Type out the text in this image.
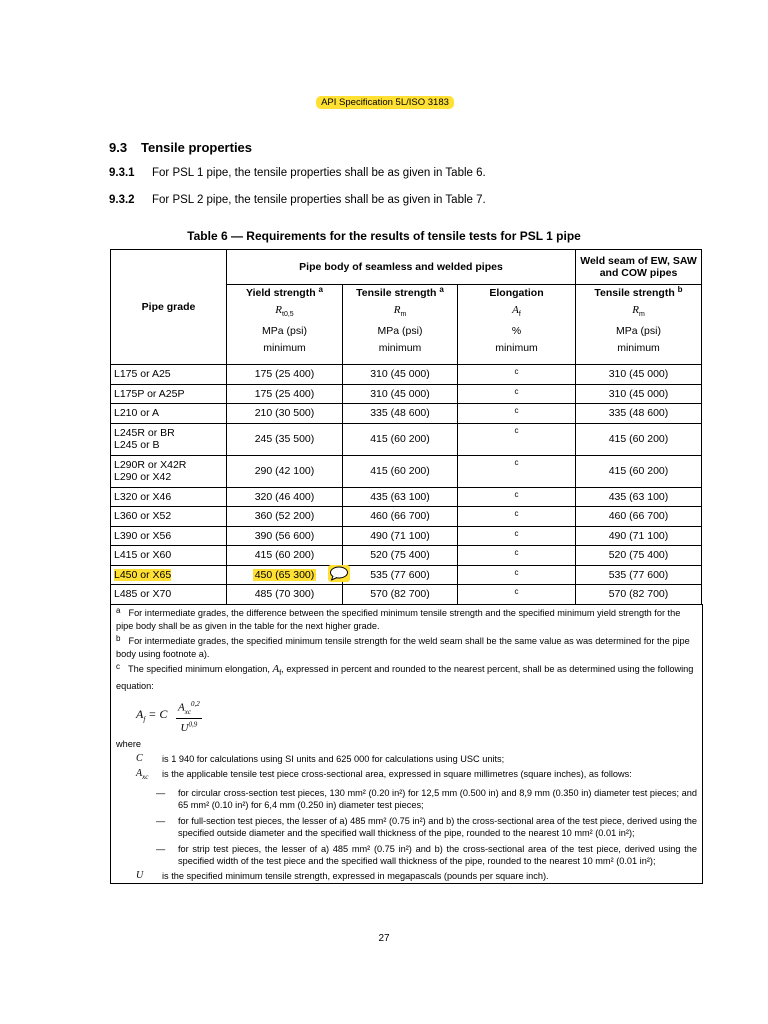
API Specification 5L/ISO 3183
9.3 Tensile properties
9.3.1 For PSL 1 pipe, the tensile properties shall be as given in Table 6.
9.3.2 For PSL 2 pipe, the tensile properties shall be as given in Table 7.
Table 6 — Requirements for the results of tensile tests for PSL 1 pipe
Pipe grade	Pipe body of seamless and welded pipes			Weld seam of EW, SAW and COW pipes
	Yield strength $^a$
$R_{t0,5}$
MPa (psi)
minimum	Tensile strength $^a$
$R_m$
MPa (psi)
minimum	Elongation
$A_f$
%
minimum	Tensile strength $^b$
$R_m$
MPa (psi)
minimum
L175 or A25	175 (25 400)	310 (45 000)	$^c$	310 (45 000)
L175P or A25P	175 (25 400)	310 (45 000)	$^c$	310 (45 000)
L210 or A	210 (30 500)	335 (48 600)	$^c$	335 (48 600)
L245R or BR
L245 or B	245 (35 500)	415 (60 200)	$^c$	415 (60 200)
L290R or X42R
L290 or X42	290 (42 100)	415 (60 200)	$^c$	415 (60 200)
L320 or X46	320 (46 400)	435 (63 100)	$^c$	435 (63 100)
L360 or X52	360 (52 200)	460 (66 700)	$^c$	460 (66 700)
L390 or X56	390 (56 600)	490 (71 100)	$^c$	490 (71 100)
L415 or X60	415 (60 200)	520 (75 400)	$^c$	520 (75 400)
L450 or X65	450 (65 300)	535 (77 600)	$^c$	535 (77 600)
L485 or X70	485 (70 300)	570 (82 700)	$^c$	570 (82 700)
a For intermediate grades, the difference between the specified minimum tensile strength and the specified minimum yield strength for the pipe body shall be as given in the table for the next higher grade.
b For intermediate grades, the specified minimum tensile strength for the weld seam shall be the same value as was determined for the pipe body using footnote a).
c The specified minimum elongation, $A_f$, expressed in percent and rounded to the nearest percent, shall be as determined using the following equation:
$A_f = C$ $A_{xc}^{0,2}$
U$^{0,9}$
where
C	is 1 940 for calculations using SI units and 625 000 for calculations using USC units;
$A_{xc}$	is the applicable tensile test piece cross-sectional area, expressed in square millimetres (square inches), as follows:
—	for circular cross-section test pieces, 130 mm² (0.20 in²) for 12,5 mm (0.500 in) and 8,9 mm (0.350 in) diameter test pieces; and 65 mm² (0.10 in²) for 6,4 mm (0.250 in) diameter test pieces;
—	for full-section test pieces, the lesser of a) 485 mm² (0.75 in²) and b) the cross-sectional area of the test piece, derived using the specified outside diameter and the specified wall thickness of the pipe, rounded to the nearest 10 mm² (0.01 in²);
—	for strip test pieces, the lesser of a) 485 mm² (0.75 in²) and b) the cross-sectional area of the test piece, derived using the specified width of the test piece and the specified wall thickness of the pipe, rounded to the nearest 10 mm² (0.01 in²);
U	is the specified minimum tensile strength, expressed in megapascals (pounds per square inch).
27
